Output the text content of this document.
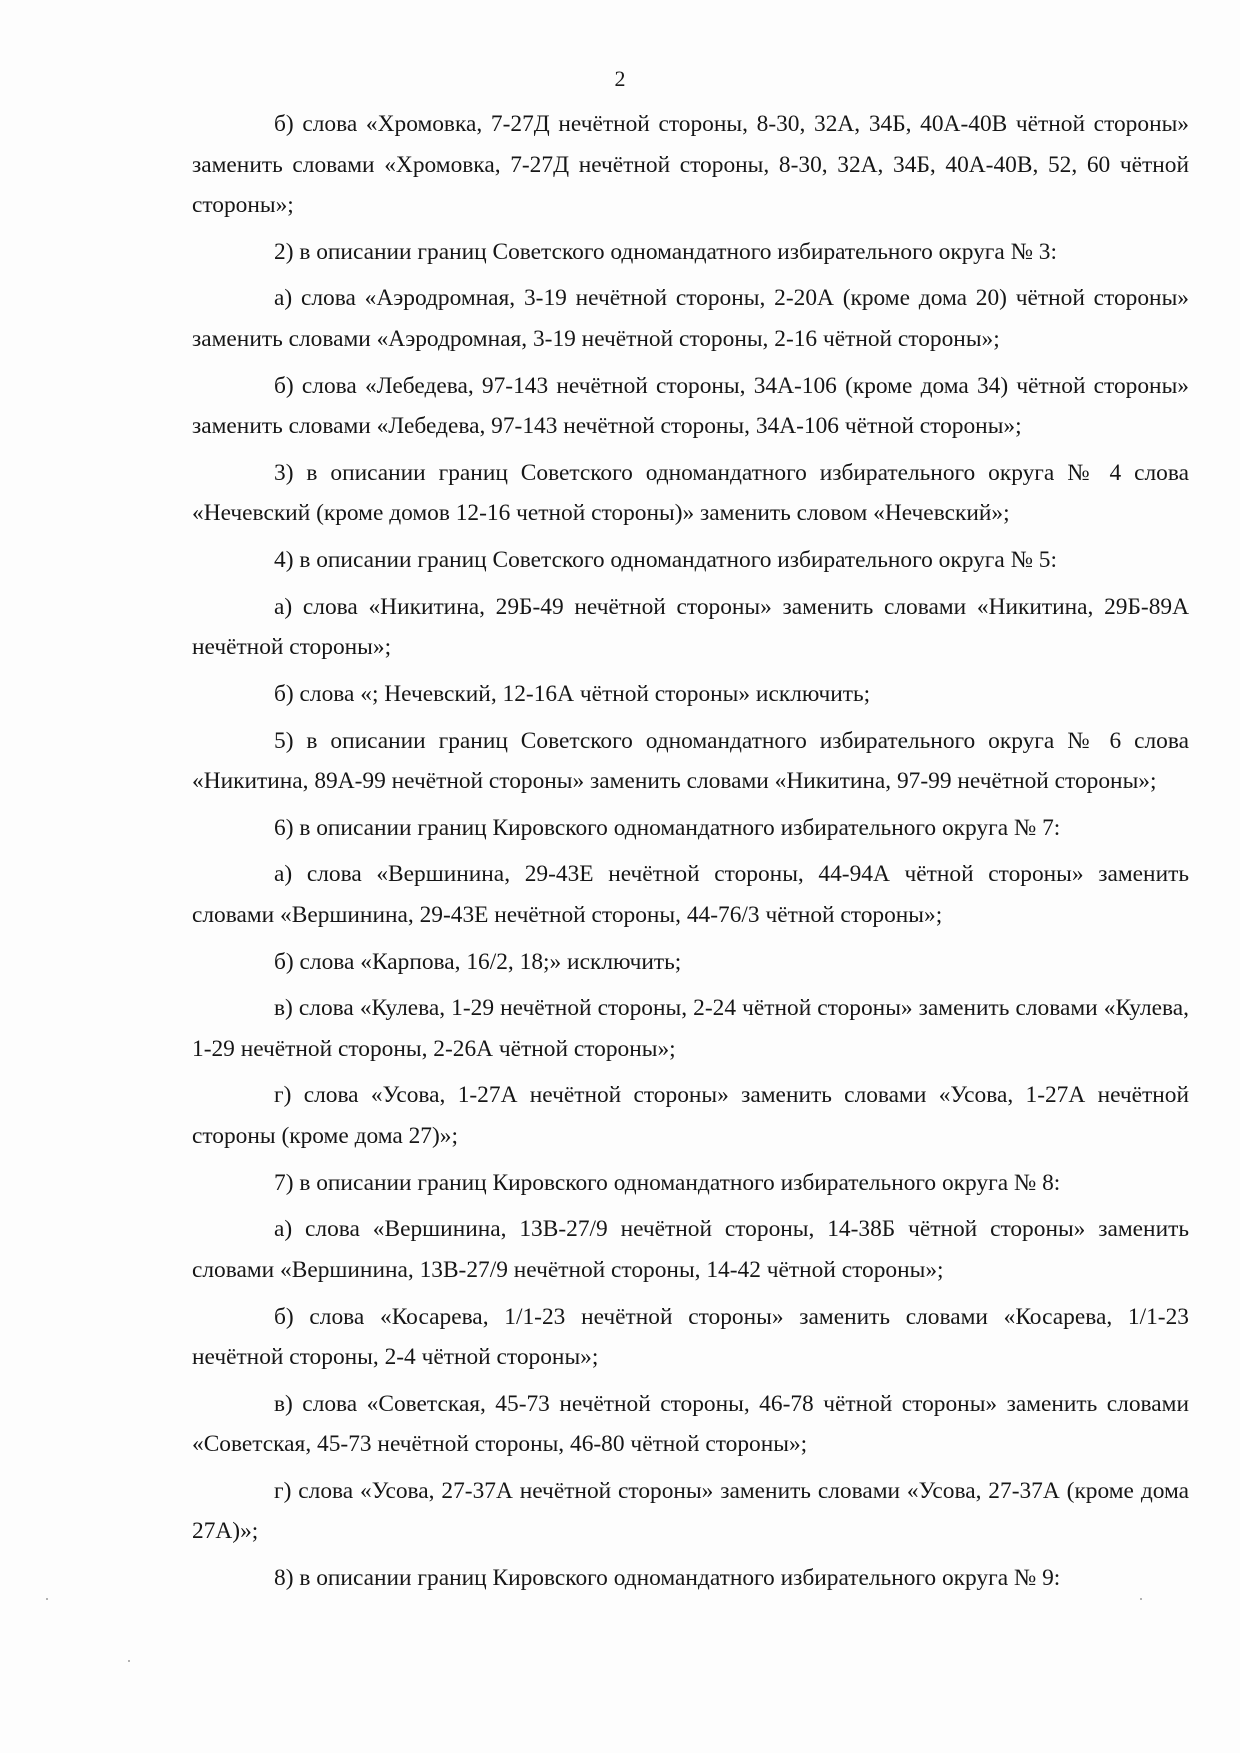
2

б) слова «Хромовка, 7-27Д нечётной стороны, 8-30, 32А, 34Б, 40А-40В чётной стороны» заменить словами «Хромовка, 7-27Д нечётной стороны, 8-30, 32А, 34Б, 40А-40В, 52, 60 чётной стороны»;

2) в описании границ Советского одномандатного избирательного округа № 3:

а) слова «Аэродромная, 3-19 нечётной стороны, 2-20А (кроме дома 20) чётной стороны» заменить словами «Аэродромная, 3-19 нечётной стороны, 2-16 чётной стороны»;

б) слова «Лебедева, 97-143 нечётной стороны, 34А-106 (кроме дома 34) чётной стороны» заменить словами «Лебедева, 97-143 нечётной стороны, 34А-106 чётной стороны»;

3) в описании границ Советского одномандатного избирательного округа № 4 слова «Нечевский (кроме домов 12-16 четной стороны)» заменить словом «Нечевский»;

4) в описании границ Советского одномандатного избирательного округа № 5:

а) слова «Никитина, 29Б-49 нечётной стороны» заменить словами «Никитина, 29Б-89А нечётной стороны»;

б) слова «; Нечевский, 12-16А чётной стороны» исключить;

5) в описании границ Советского одномандатного избирательного округа № 6 слова «Никитина, 89А-99 нечётной стороны» заменить словами «Никитина, 97-99 нечётной стороны»;

6) в описании границ Кировского одномандатного избирательного округа № 7:

а) слова «Вершинина, 29-43Е нечётной стороны, 44-94А чётной стороны» заменить словами «Вершинина, 29-43Е нечётной стороны, 44-76/3 чётной стороны»;

б) слова «Карпова, 16/2, 18;» исключить;

в) слова «Кулева, 1-29 нечётной стороны, 2-24 чётной стороны» заменить словами «Кулева, 1-29 нечётной стороны, 2-26А чётной стороны»;

г) слова «Усова, 1-27А нечётной стороны» заменить словами «Усова, 1-27А нечётной стороны (кроме дома 27)»;

7) в описании границ Кировского одномандатного избирательного округа № 8:

а) слова «Вершинина, 13В-27/9 нечётной стороны, 14-38Б чётной стороны» заменить словами «Вершинина, 13В-27/9 нечётной стороны, 14-42 чётной стороны»;

б) слова «Косарева, 1/1-23 нечётной стороны» заменить словами «Косарева, 1/1-23 нечётной стороны, 2-4 чётной стороны»;

в) слова «Советская, 45-73 нечётной стороны, 46-78 чётной стороны» заменить словами «Советская, 45-73 нечётной стороны, 46-80 чётной стороны»;

г) слова «Усова, 27-37А нечётной стороны» заменить словами «Усова, 27-37А (кроме дома 27А)»;

8) в описании границ Кировского одномандатного избирательного округа № 9:
